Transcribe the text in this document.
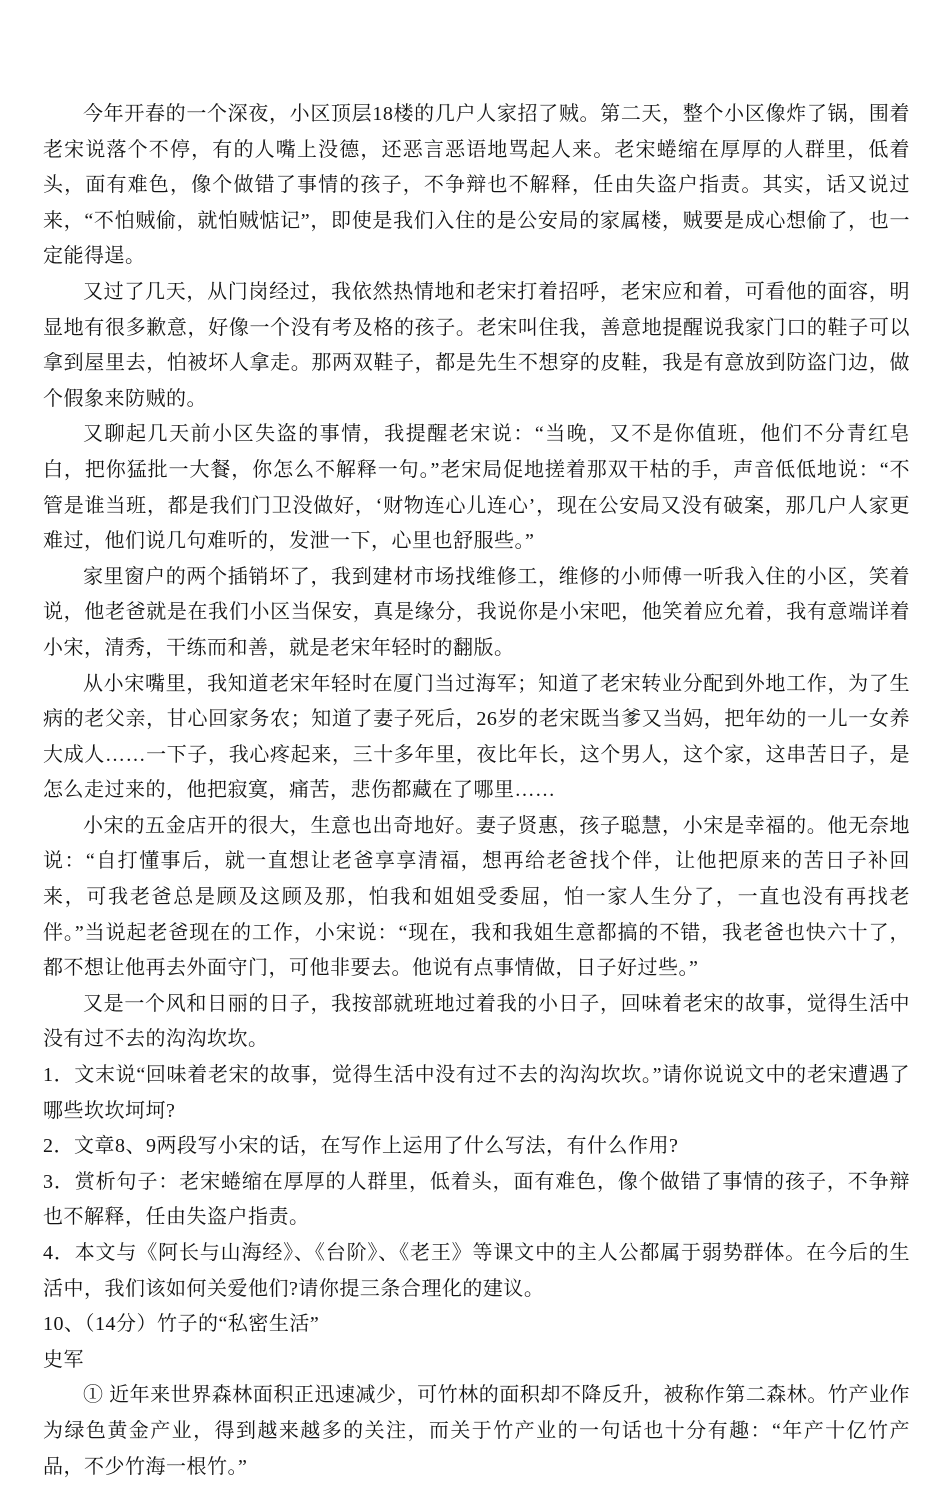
今年开春的一个深夜，小区顶层18楼的几户人家招了贼。第二天，整个小区像炸了锅，围着老宋说落个不停，有的人嘴上没德，还恶言恶语地骂起人来。老宋蜷缩在厚厚的人群里，低着头，面有难色，像个做错了事情的孩子，不争辩也不解释，任由失盗户指责。其实，话又说过来，“不怕贼偷，就怕贼惦记”，即使是我们入住的是公安局的家属楼，贼要是成心想偷了，也一定能得逞。

又过了几天，从门岗经过，我依然热情地和老宋打着招呼，老宋应和着，可看他的面容，明显地有很多歉意，好像一个没有考及格的孩子。老宋叫住我，善意地提醒说我家门口的鞋子可以拿到屋里去，怕被坏人拿走。那两双鞋子，都是先生不想穿的皮鞋，我是有意放到防盗门边，做个假象来防贼的。

又聊起几天前小区失盗的事情，我提醒老宋说：“当晚，又不是你值班，他们不分青红皂白，把你猛批一大餐，你怎么不解释一句。”老宋局促地搓着那双干枯的手，声音低低地说：“不管是谁当班，都是我们门卫没做好，‘财物连心儿连心’，现在公安局又没有破案，那几户人家更难过，他们说几句难听的，发泄一下，心里也舒服些。”

家里窗户的两个插销坏了，我到建材市场找维修工，维修的小师傅一听我入住的小区，笑着说，他老爸就是在我们小区当保安，真是缘分，我说你是小宋吧，他笑着应允着，我有意端详着小宋，清秀，干练而和善，就是老宋年轻时的翻版。

从小宋嘴里，我知道老宋年轻时在厦门当过海军；知道了老宋转业分配到外地工作，为了生病的老父亲，甘心回家务农；知道了妻子死后，26岁的老宋既当爹又当妈，把年幼的一儿一女养大成人……一下子，我心疼起来，三十多年里，夜比年长，这个男人，这个家，这串苦日子，是怎么走过来的，他把寂寞，痛苦，悲伤都藏在了哪里……

小宋的五金店开的很大，生意也出奇地好。妻子贤惠，孩子聪慧，小宋是幸福的。他无奈地说：“自打懂事后，就一直想让老爸享享清福，想再给老爸找个伴，让他把原来的苦日子补回来，可我老爸总是顾及这顾及那，怕我和姐姐受委屈，怕一家人生分了，一直也没有再找老伴。”当说起老爸现在的工作，小宋说：“现在，我和我姐生意都搞的不错，我老爸也快六十了，都不想让他再去外面守门，可他非要去。他说有点事情做，日子好过些。”

又是一个风和日丽的日子，我按部就班地过着我的小日子，回味着老宋的故事，觉得生活中没有过不去的沟沟坎坎。

1．文末说“回味着老宋的故事，觉得生活中没有过不去的沟沟坎坎。”请你说说文中的老宋遭遇了哪些坎坎坷坷?

2．文章8、9两段写小宋的话，在写作上运用了什么写法，有什么作用?

3．赏析句子：老宋蜷缩在厚厚的人群里，低着头，面有难色，像个做错了事情的孩子，不争辩也不解释，任由失盗户指责。

4．本文与《阿长与山海经》、《台阶》、《老王》等课文中的主人公都属于弱势群体。在今后的生活中，我们该如何关爱他们?请你提三条合理化的建议。

10、（14分）竹子的“私密生活”

史军

① 近年来世界森林面积正迅速减少，可竹林的面积却不降反升，被称作第二森林。竹产业作为绿色黄金产业，得到越来越多的关注，而关于竹产业的一句话也十分有趣：“年产十亿竹产品，不少竹海一根竹。”
